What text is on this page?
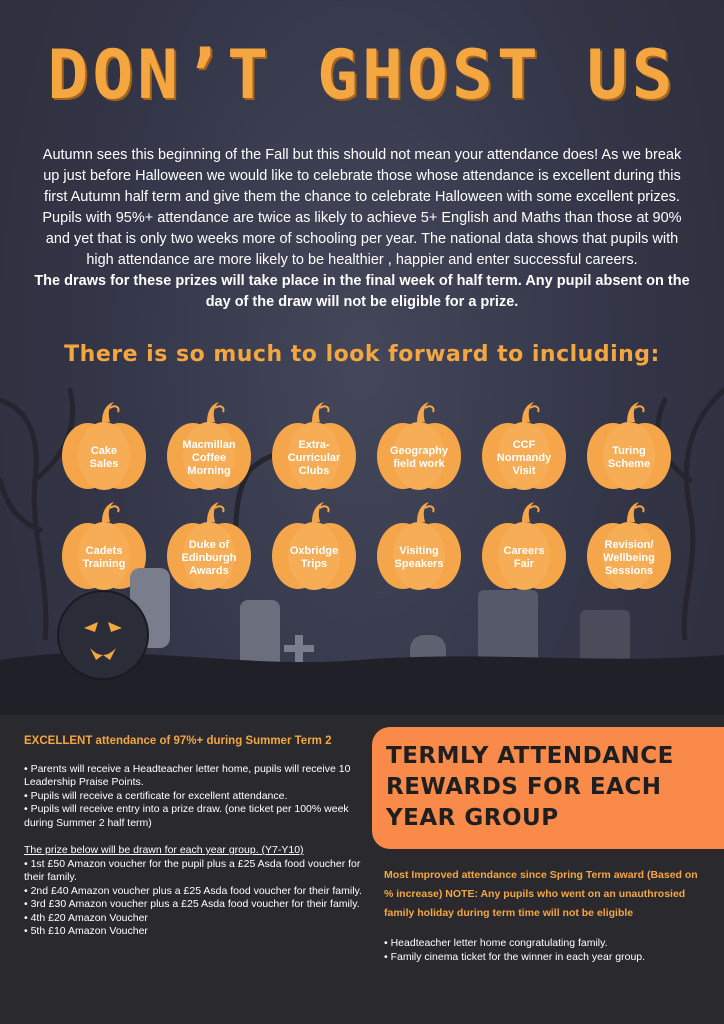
DON’T GHOST US
Autumn sees this beginning of the Fall but this should not mean your attendance does! As we break up just before Halloween we would like to celebrate those whose attendance is excellent during this first Autumn half term and give them the chance to celebrate Halloween with some excellent prizes. Pupils with 95%+ attendance are twice as likely to achieve 5+ English and Maths than those at 90% and yet that is only two weeks more of schooling per year. The national data shows that pupils with high attendance are more likely to be healthier , happier and enter successful careers.
The draws for these prizes will take place in the final week of half term. Any pupil absent on the day of the draw will not be eligible for a prize.
There is so much to look forward to including:
Cake
Sales
Macmillan
Coffee
Morning
Extra-
Curricular
Clubs
Geography
field work
CCF
Normandy
Visit
Turing
Scheme
Cadets
Training
Duke of
Edinburgh
Awards
Oxbridge
Trips
Visiting
Speakers
Careers
Fair
Revision/
Wellbeing
Sessions
EXCELLENT attendance of 97%+ during Summer Term 2
• Parents will receive a Headteacher letter home, pupils will receive 10 Leadership Praise Points.
• Pupils will receive a certificate for excellent attendance.
• Pupils will receive entry into a prize draw. (one ticket per 100% week during Summer 2 half term)
The prize below will be drawn for each year group. (Y7-Y10)
• 1st £50 Amazon voucher for the pupil plus a £25 Asda food voucher for their family.
• 2nd £40 Amazon voucher plus a £25 Asda food voucher for their family.
• 3rd £30 Amazon voucher plus a £25 Asda food voucher for their family.
• 4th £20 Amazon Voucher
• 5th £10 Amazon Voucher
TERMLY ATTENDANCE REWARDS FOR EACH YEAR GROUP
Most Improved attendance since Spring Term award (Based on % increase) NOTE: Any pupils who went on an unauthrosied family holiday during term time will not be eligible
• Headteacher letter home congratulating family.
• Family cinema ticket for the winner in each year group.
